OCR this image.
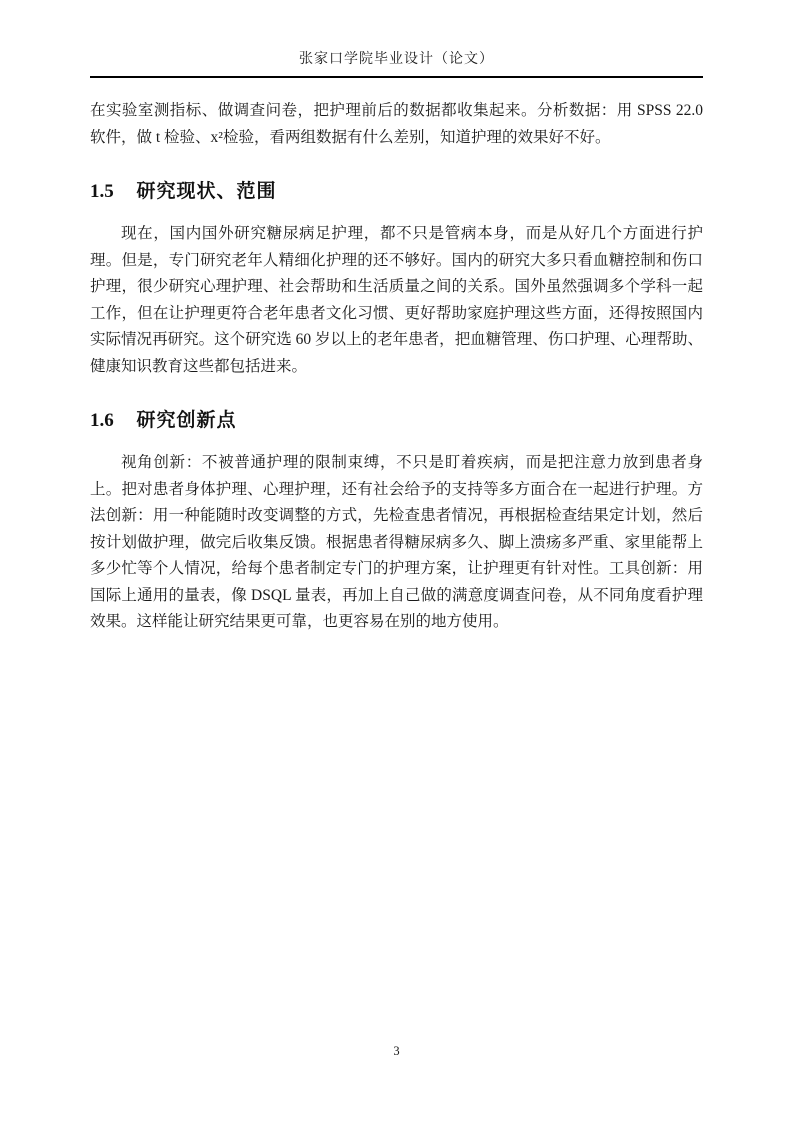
张家口学院毕业设计（论文）

在实验室测指标、做调查问卷，把护理前后的数据都收集起来。分析数据：用 SPSS 22.0 软件，做 t 检验、x²检验，看两组数据有什么差别，知道护理的效果好不好。

1.5 研究现状、范围

现在，国内国外研究糖尿病足护理，都不只是管病本身，而是从好几个方面进行护理。但是，专门研究老年人精细化护理的还不够好。国内的研究大多只看血糖控制和伤口护理，很少研究心理护理、社会帮助和生活质量之间的关系。国外虽然强调多个学科一起工作，但在让护理更符合老年患者文化习惯、更好帮助家庭护理这些方面，还得按照国内实际情况再研究。这个研究选 60 岁以上的老年患者，把血糖管理、伤口护理、心理帮助、健康知识教育这些都包括进来。

1.6 研究创新点

视角创新：不被普通护理的限制束缚，不只是盯着疾病，而是把注意力放到患者身上。把对患者身体护理、心理护理，还有社会给予的支持等多方面合在一起进行护理。方法创新：用一种能随时改变调整的方式，先检查患者情况，再根据检查结果定计划，然后按计划做护理，做完后收集反馈。根据患者得糖尿病多久、脚上溃疡多严重、家里能帮上多少忙等个人情况，给每个患者制定专门的护理方案，让护理更有针对性。工具创新：用国际上通用的量表，像 DSQL 量表，再加上自己做的满意度调查问卷，从不同角度看护理效果。这样能让研究结果更可靠，也更容易在别的地方使用。

3
